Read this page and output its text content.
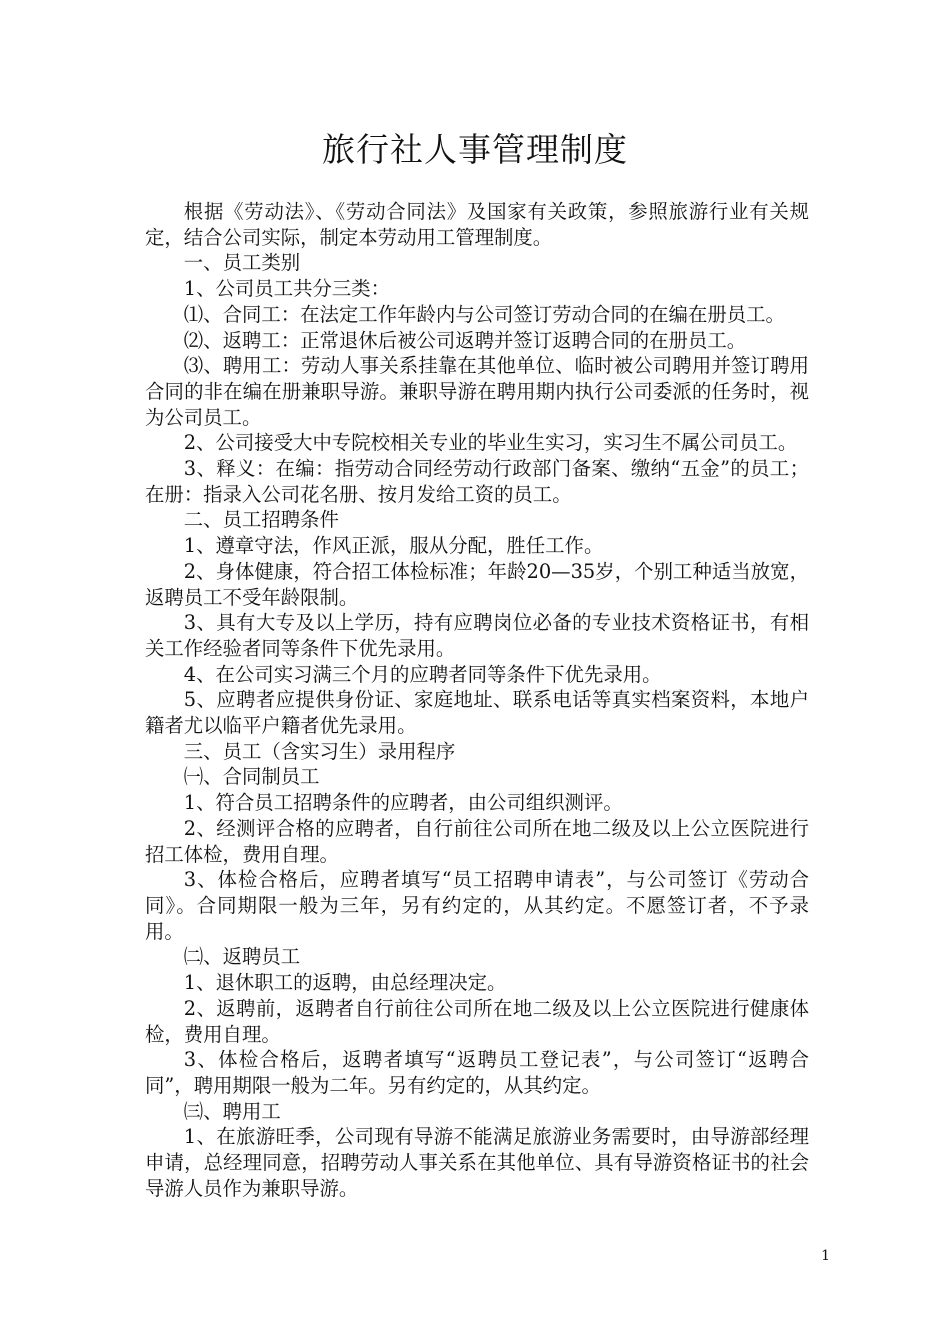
旅行社人事管理制度

根据《劳动法》、《劳动合同法》及国家有关政策，参照旅游行业有关规定，结合公司实际，制定本劳动用工管理制度。

一、员工类别

1、公司员工共分三类：

⑴、合同工：在法定工作年龄内与公司签订劳动合同的在编在册员工。

⑵、返聘工：正常退休后被公司返聘并签订返聘合同的在册员工。

⑶、聘用工：劳动人事关系挂靠在其他单位、临时被公司聘用并签订聘用合同的非在编在册兼职导游。兼职导游在聘用期内执行公司委派的任务时，视为公司员工。

2、公司接受大中专院校相关专业的毕业生实习，实习生不属公司员工。

3、释义：在编：指劳动合同经劳动行政部门备案、缴纳“五金”的员工；在册：指录入公司花名册、按月发给工资的员工。

二、员工招聘条件

1、遵章守法，作风正派，服从分配，胜任工作。

2、身体健康，符合招工体检标准；年龄20—35岁，个别工种适当放宽，返聘员工不受年龄限制。

3、具有大专及以上学历，持有应聘岗位必备的专业技术资格证书，有相关工作经验者同等条件下优先录用。

4、在公司实习满三个月的应聘者同等条件下优先录用。

5、应聘者应提供身份证、家庭地址、联系电话等真实档案资料，本地户籍者尤以临平户籍者优先录用。

三、员工（含实习生）录用程序

㈠、合同制员工

1、符合员工招聘条件的应聘者，由公司组织测评。

2、经测评合格的应聘者，自行前往公司所在地二级及以上公立医院进行招工体检，费用自理。

3、体检合格后，应聘者填写“员工招聘申请表”，与公司签订《劳动合同》。合同期限一般为三年，另有约定的，从其约定。不愿签订者，不予录用。

㈡、返聘员工

1、退休职工的返聘，由总经理决定。

2、返聘前，返聘者自行前往公司所在地二级及以上公立医院进行健康体检，费用自理。

3、体检合格后，返聘者填写“返聘员工登记表”，与公司签订“返聘合同”，聘用期限一般为二年。另有约定的，从其约定。

㈢、聘用工

1、在旅游旺季，公司现有导游不能满足旅游业务需要时，由导游部经理申请，总经理同意，招聘劳动人事关系在其他单位、具有导游资格证书的社会导游人员作为兼职导游。

1
